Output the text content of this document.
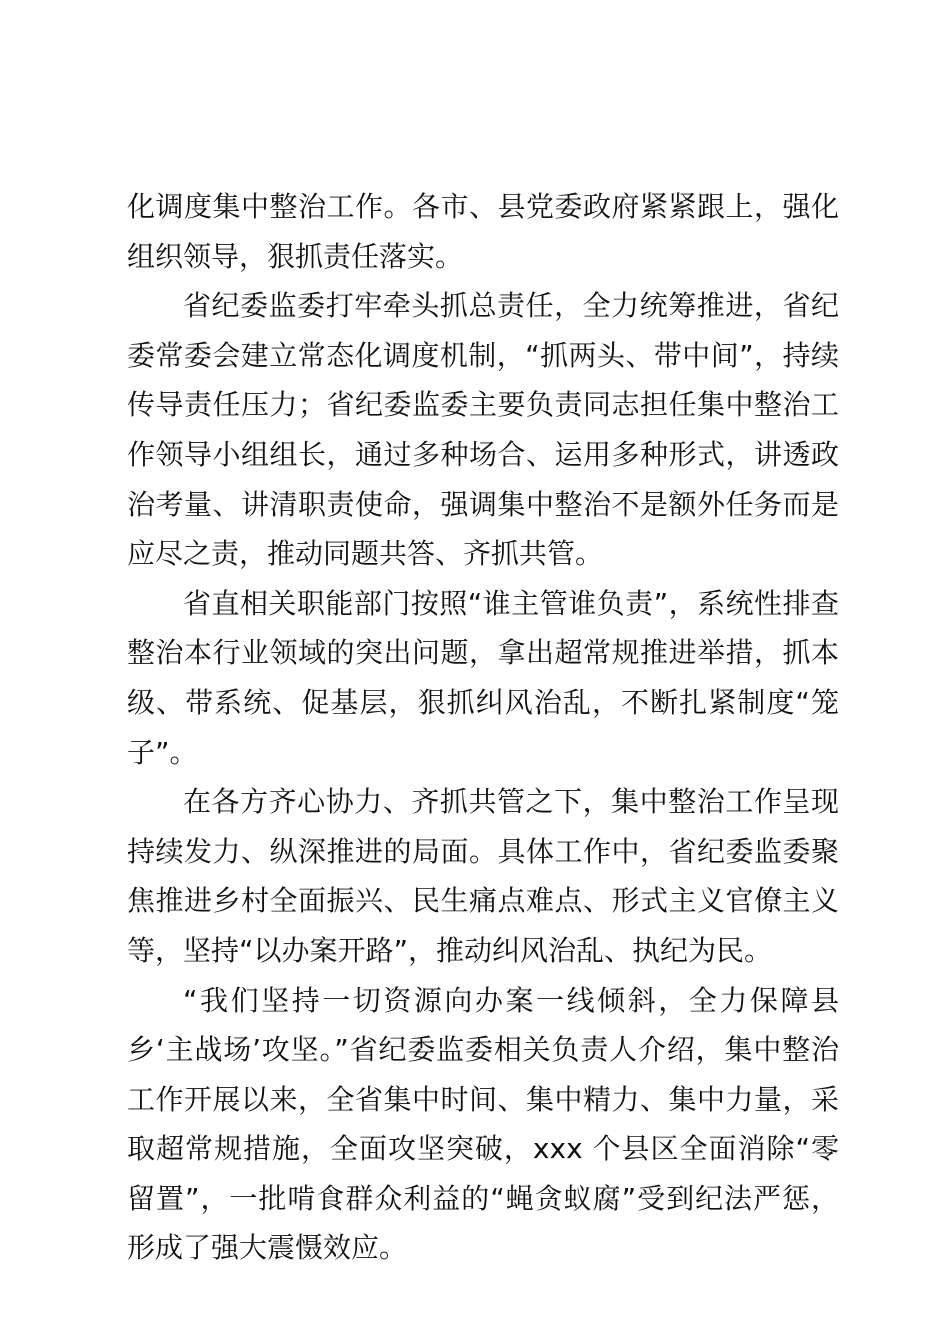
化调度集中整治工作。各市、县党委政府紧紧跟上，强化组织领导，狠抓责任落实。

省纪委监委打牢牵头抓总责任，全力统筹推进，省纪委常委会建立常态化调度机制，“抓两头、带中间”，持续传导责任压力；省纪委监委主要负责同志担任集中整治工作领导小组组长，通过多种场合、运用多种形式，讲透政治考量、讲清职责使命，强调集中整治不是额外任务而是应尽之责，推动同题共答、齐抓共管。

省直相关职能部门按照“谁主管谁负责”，系统性排查整治本行业领域的突出问题，拿出超常规推进举措，抓本级、带系统、促基层，狠抓纠风治乱，不断扎紧制度“笼子”。

在各方齐心协力、齐抓共管之下，集中整治工作呈现持续发力、纵深推进的局面。具体工作中，省纪委监委聚焦推进乡村全面振兴、民生痛点难点、形式主义官僚主义等，坚持“以办案开路”，推动纠风治乱、执纪为民。

“我们坚持一切资源向办案一线倾斜，全力保障县乡‘主战场’攻坚。”省纪委监委相关负责人介绍，集中整治工作开展以来，全省集中时间、集中精力、集中力量，采取超常规措施，全面攻坚突破，xxx 个县区全面消除“零留置”，一批啃食群众利益的“蝇贪蚁腐”受到纪法严惩，形成了强大震慑效应。
